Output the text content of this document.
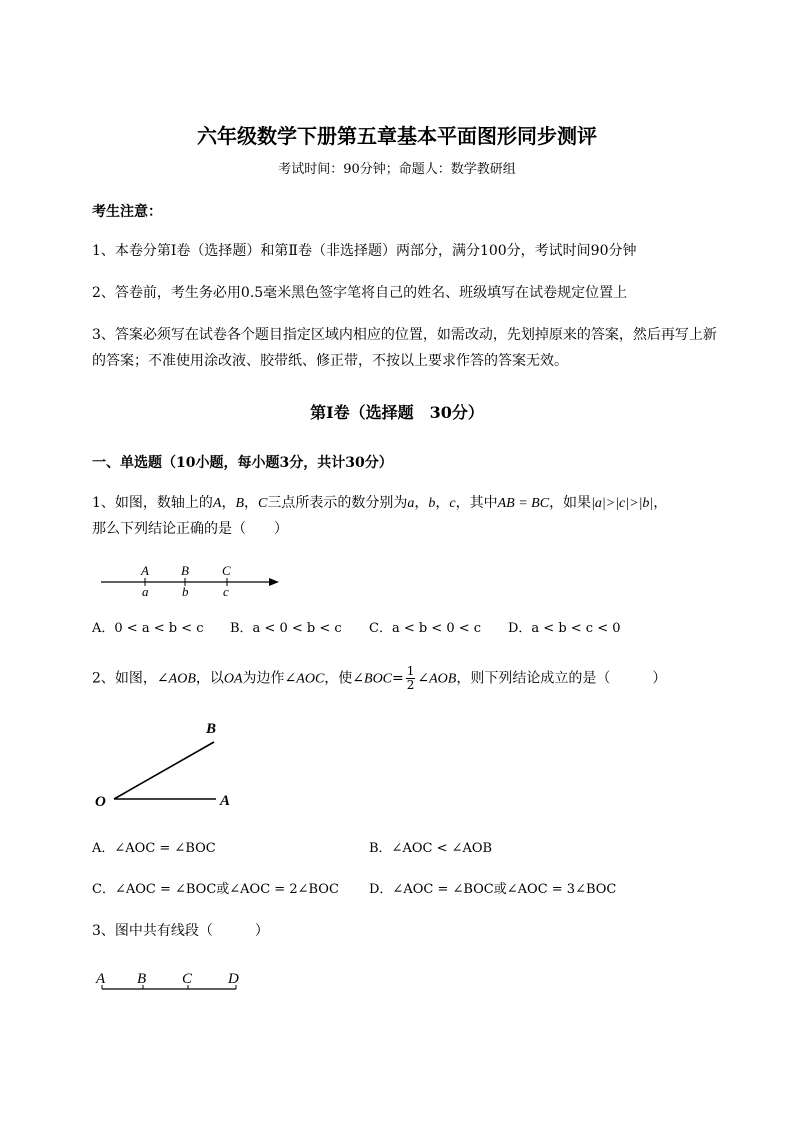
六年级数学下册第五章基本平面图形同步测评
考试时间：90分钟；命题人：数学教研组
考生注意：
1、本卷分第Ⅰ卷（选择题）和第Ⅱ卷（非选择题）两部分，满分100分，考试时间90分钟
2、答卷前，考生务必用0.5毫米黑色签字笔将自己的姓名、班级填写在试卷规定位置上
3、答案必须写在试卷各个题目指定区域内相应的位置，如需改动，先划掉原来的答案，然后再写上新
的答案；不准使用涂改液、胶带纸、修正带，不按以上要求作答的答案无效。
第Ⅰ卷（选择题　30分）
一、单选题（10小题，每小题3分，共计30分）
1、如图，数轴上的A，B，C三点所表示的数分别为a，b，c，其中AB = BC，如果|a|>|c|>|b|，
那么下列结论正确的是（　　）
A B	C
a	b	c
A．0 < a < b < c B．a < 0 < b < c C．a < b < 0 < c D．a < b < c < 0
2、如图，∠AOB，以OA为边作∠AOC，使∠BOC= $\frac{1}{2}$ ∠AOB，则下列结论成立的是（　　　）
O	A
B
A．∠AOC = ∠BOC	B．∠AOC < ∠AOB
C．∠AOC = ∠BOC或∠AOC = 2∠BOC D．∠AOC = ∠BOC或∠AOC = 3∠BOC
3、图中共有线段（　　　）
A B C D
